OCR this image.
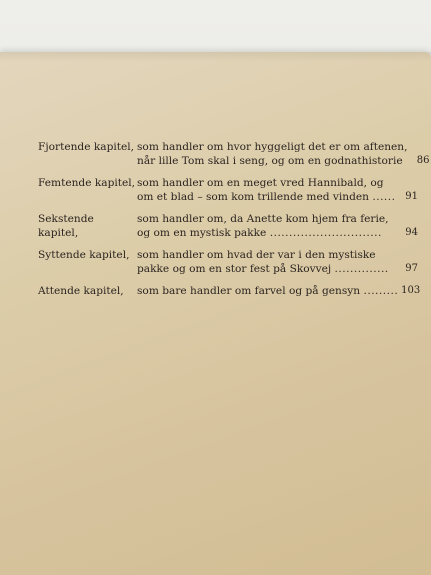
Fjortende kapitel, som handler om hvor hyggeligt det er om aftenen,
når lille Tom skal i seng, og om en godnathistorie	86
Femtende kapitel, som handler om en meget vred Hannibald, og
om et blad – som kom trillende med vinden ...... 91
Sekstende kapitel,
som handler om, da Anette kom hjem fra ferie,
og om en mystisk pakke .............................	94
Syttende kapitel, som handler om hvad der var i den mystiske
pakke og om en stor fest på Skovvej ..............	97
Attende kapitel,	som bare handler om farvel og på gensyn ......... 103
